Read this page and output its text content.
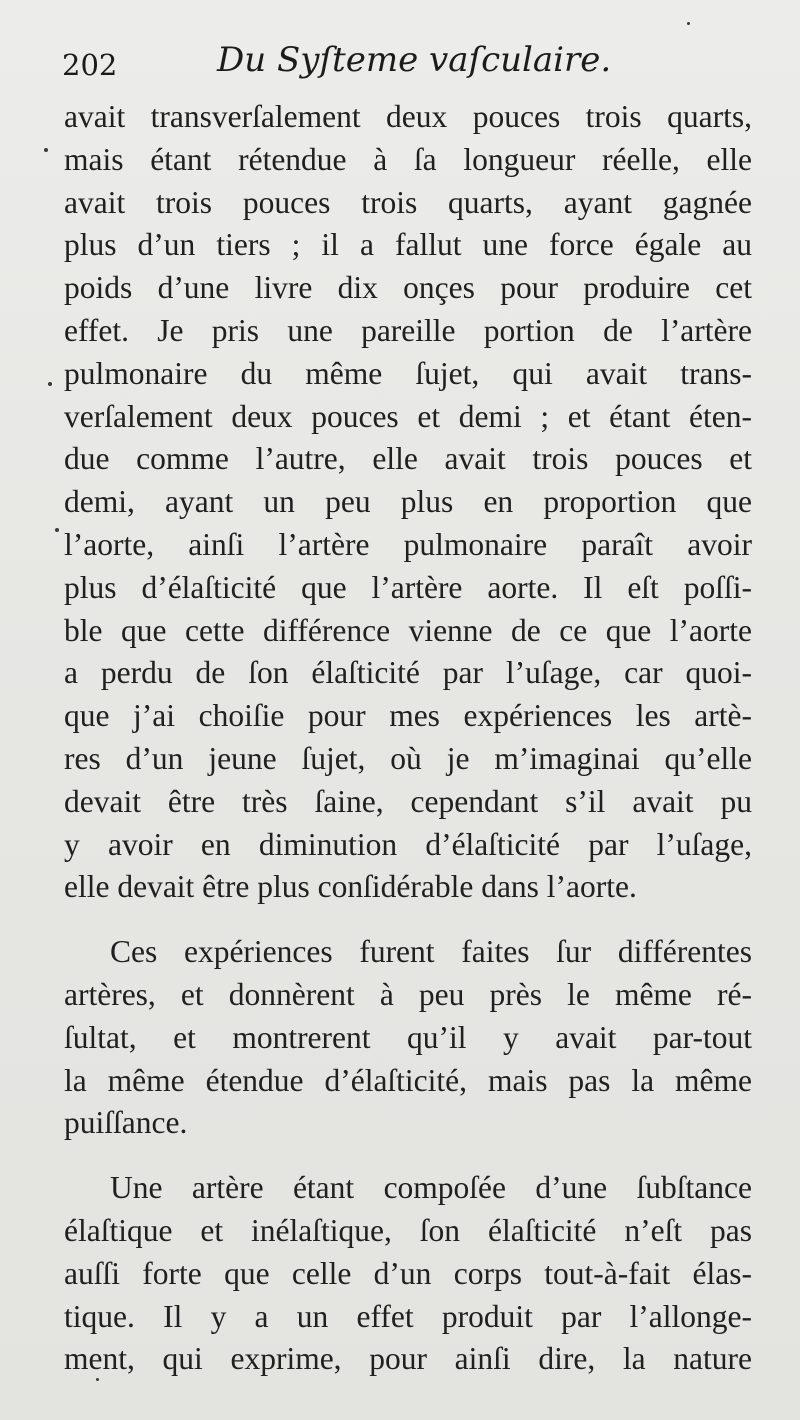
202	Du Syſteme vaſculaire.
avait transverſalement deux pouces trois quarts,
mais étant rétendue à ſa longueur réelle, elle
avait trois pouces trois quarts, ayant gagnée
plus d’un tiers ; il a fallut une force égale au
poids d’une livre dix onçes pour produire cet
effet. Je pris une pareille portion de l’artère
pulmonaire du même ſujet, qui avait trans-
verſalement deux pouces et demi ; et étant éten-
due comme l’autre, elle avait trois pouces et
demi, ayant un peu plus en proportion que
l’aorte, ainſi l’artère pulmonaire paraît avoir
plus d’élaſticité que l’artère aorte. Il eſt poſſi-
ble que cette différence vienne de ce que l’aorte
a perdu de ſon élaſticité par l’uſage, car quoi-
que j’ai choiſie pour mes expériences les artè-
res d’un jeune ſujet, où je m’imaginai qu’elle
devait être très ſaine, cependant s’il avait pu
y avoir en diminution d’élaſticité par l’uſage,
elle devait être plus conſidérable dans l’aorte.
Ces expériences furent faites ſur différentes
artères, et donnèrent à peu près le même ré-
ſultat, et montrerent qu’il y avait par-tout
la même étendue d’élaſticité, mais pas la même
puiſſance.
Une artère étant compoſée d’une ſubſtance
élaſtique et inélaſtique, ſon élaſticité n’eſt pas
auſſi forte que celle d’un corps tout-à-fait élas-
tique. Il y a un effet produit par l’allonge-
ment, qui exprime, pour ainſi dire, la nature
